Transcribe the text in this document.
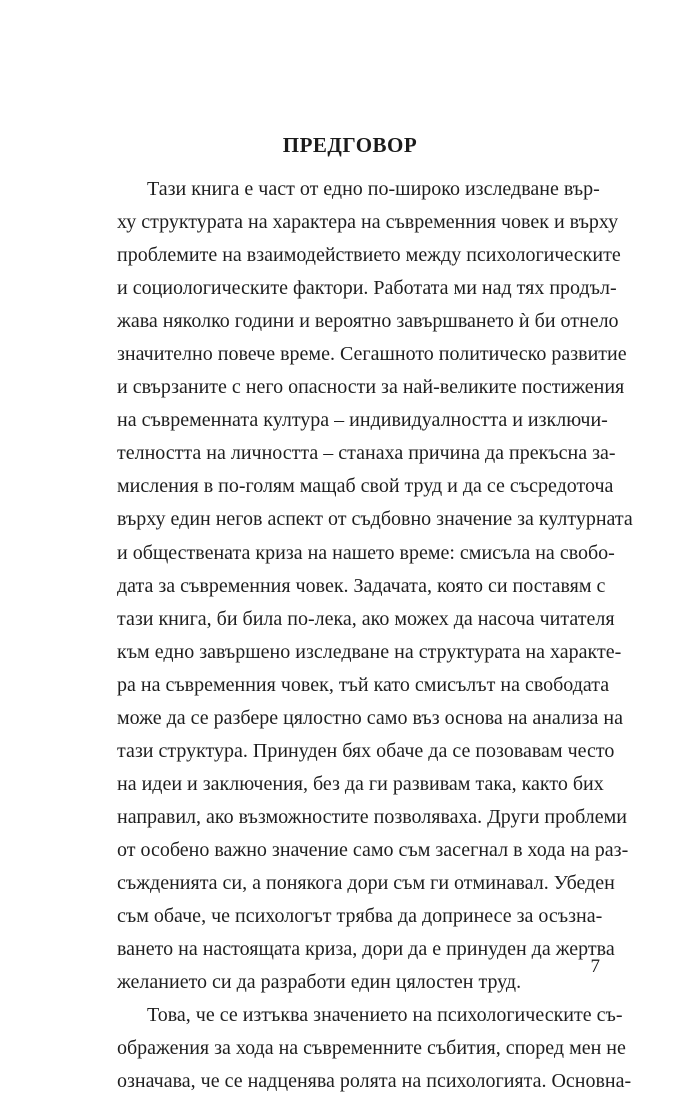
ПРЕДГОВОР
Тази книга е част от едно по-широко изследване вър-
ху структурата на характера на съвременния човек и върху
проблемите на взаимодействието между психологическите
и социологическите фактори. Работата ми над тях продъл-
жава няколко години и вероятно завършването ѝ би отнело
значително повече време. Сегашното политическо развитие
и свързаните с него опасности за най-великите постижения
на съвременната култура – индивидуалността и изключи-
телността на личността – станаха причина да прекъсна за-
мисления в по-голям мащаб свой труд и да се съсредоточа
върху един негов аспект от съдбовно значение за културната
и обществената криза на нашето време: смисъла на свобо-
дата за съвременния човек. Задачата, която си поставям с
тази книга, би била по-лека, ако можех да насоча читателя
към едно завършено изследване на структурата на характе-
ра на съвременния човек, тъй като смисълът на свободата
може да се разбере цялостно само въз основа на анализа на
тази структура. Принуден бях обаче да се позовавам често
на идеи и заключения, без да ги развивам така, както бих
направил, ако възможностите позволяваха. Други проблеми
от особено важно значение само съм засегнал в хода на раз-
съжденията си, а понякога дори съм ги отминавал. Убеден
съм обаче, че психологът трябва да допринесе за осъзна-
ването на настоящата криза, дори да е принуден да жертва
желанието си да разработи един цялостен труд.
Това, че се изтъква значението на психологическите съ-
ображения за хода на съвременните събития, според мен не
означава, че се надценява ролята на психологията. Основна-
7
